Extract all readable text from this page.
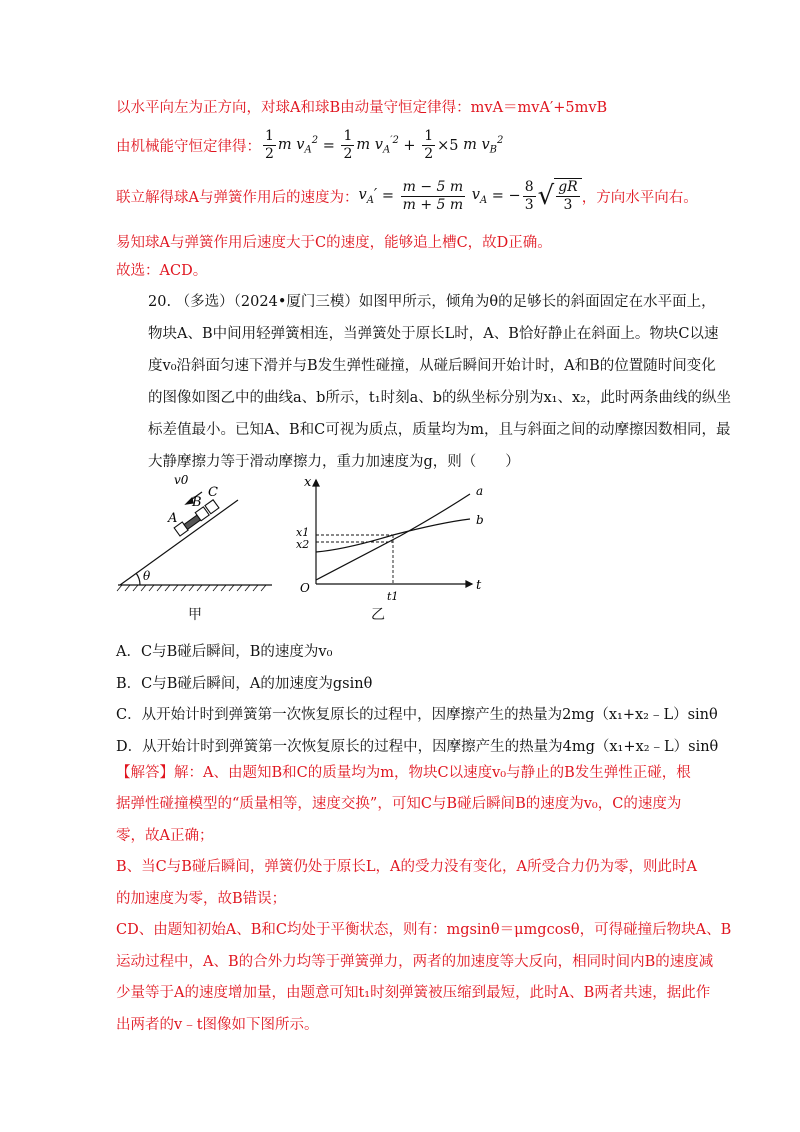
以水平向左为正方向，对球A和球B由动量守恒定律得：mvA＝mvA′+5mvB
由机械能守恒定律得： $\frac{1}{2}$ m $v_A^2 = \frac{1}{2}$ m $v_A^{'2} + \frac{1}{2} \times 5$ m $v_B^2$
联立解得球A与弹簧作用后的速度为： $v_A' = \frac{m - 5 m}{m + 5 m} v_A$ = − $\frac{8}{3}$ √ $\frac{gR}{3}$ ，方向水平向右。
易知球A与弹簧作用后速度大于C的速度，能够追上槽C，故D正确。
故选：ACD。
20. （多选）（2024•厦门三模）如图甲所示，倾角为θ的足够长的斜面固定在水平面上，
物块A、B中间用轻弹簧相连，当弹簧处于原长L时，A、B恰好静止在斜面上。物块C以速
度v₀沿斜面匀速下滑并与B发生弹性碰撞，从碰后瞬间开始计时，A和B的位置随时间变化
的图像如图乙中的曲线a、b所示，t₁时刻a、b的纵坐标分别为x₁、x₂，此时两条曲线的纵坐
标差值最小。已知A、B和C可视为质点，质量均为m，且与斜面之间的动摩擦因数相同，最
大静摩擦力等于滑动摩擦力，重力加速度为g，则（　　）
A
B
C
v0
θ
甲
t
x
O
a
b
x1
x2
t1
乙
A．C与B碰后瞬间，B的速度为v₀
B．C与B碰后瞬间，A的加速度为gsinθ
C．从开始计时到弹簧第一次恢复原长的过程中，因摩擦产生的热量为2mg（x₁+x₂﹣L）sinθ
D．从开始计时到弹簧第一次恢复原长的过程中，因摩擦产生的热量为4mg（x₁+x₂﹣L）sinθ
【解答】解：A、由题知B和C的质量均为m，物块C以速度v₀与静止的B发生弹性正碰，根
据弹性碰撞模型的“质量相等，速度交换”，可知C与B碰后瞬间B的速度为v₀，C的速度为
零，故A正确；
B、当C与B碰后瞬间，弹簧仍处于原长L，A的受力没有变化，A所受合力仍为零，则此时A
的加速度为零，故B错误；
CD、由题知初始A、B和C均处于平衡状态，则有：mgsinθ＝μmgcosθ，可得碰撞后物块A、B
运动过程中，A、B的合外力均等于弹簧弹力，两者的加速度等大反向，相同时间内B的速度减
少量等于A的速度增加量，由题意可知t₁时刻弹簧被压缩到最短，此时A、B两者共速，据此作
出两者的v﹣t图像如下图所示。
